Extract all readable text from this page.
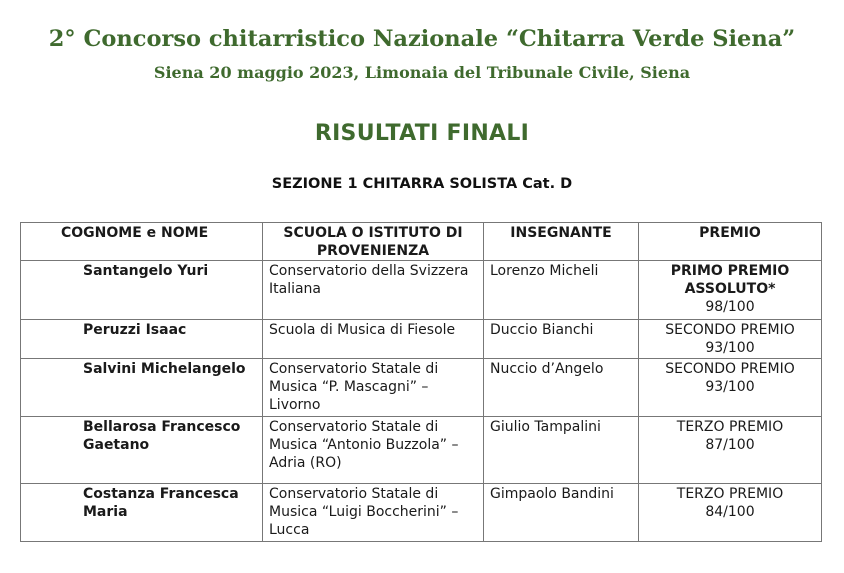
2° Concorso chitarristico Nazionale “Chitarra Verde Siena”
Siena 20 maggio 2023, Limonaia del Tribunale Civile, Siena
RISULTATI FINALI
SEZIONE 1 CHITARRA SOLISTA Cat. D
COGNOME e NOME	SCUOLA O ISTITUTO DI PROVENIENZA	INSEGNANTE	PREMIO
Santangelo Yuri	Conservatorio della Svizzera Italiana	Lorenzo Micheli	PRIMO PREMIO ASSOLUTO*
98/100

Peruzzi Isaac	Scuola di Musica di Fiesole	Duccio Bianchi	SECONDO PREMIO
93/100

Salvini Michelangelo	Conservatorio Statale di Musica “P. Mascagni” – Livorno	Nuccio d’Angelo	SECONDO PREMIO
93/100

Bellarosa Francesco Gaetano	Conservatorio Statale di Musica “Antonio Buzzola” – Adria (RO)	Giulio Tampalini	TERZO PREMIO
87/100

Costanza Francesca Maria	Conservatorio Statale di Musica “Luigi Boccherini” – Lucca	Gimpaolo Bandini	TERZO PREMIO
84/100
